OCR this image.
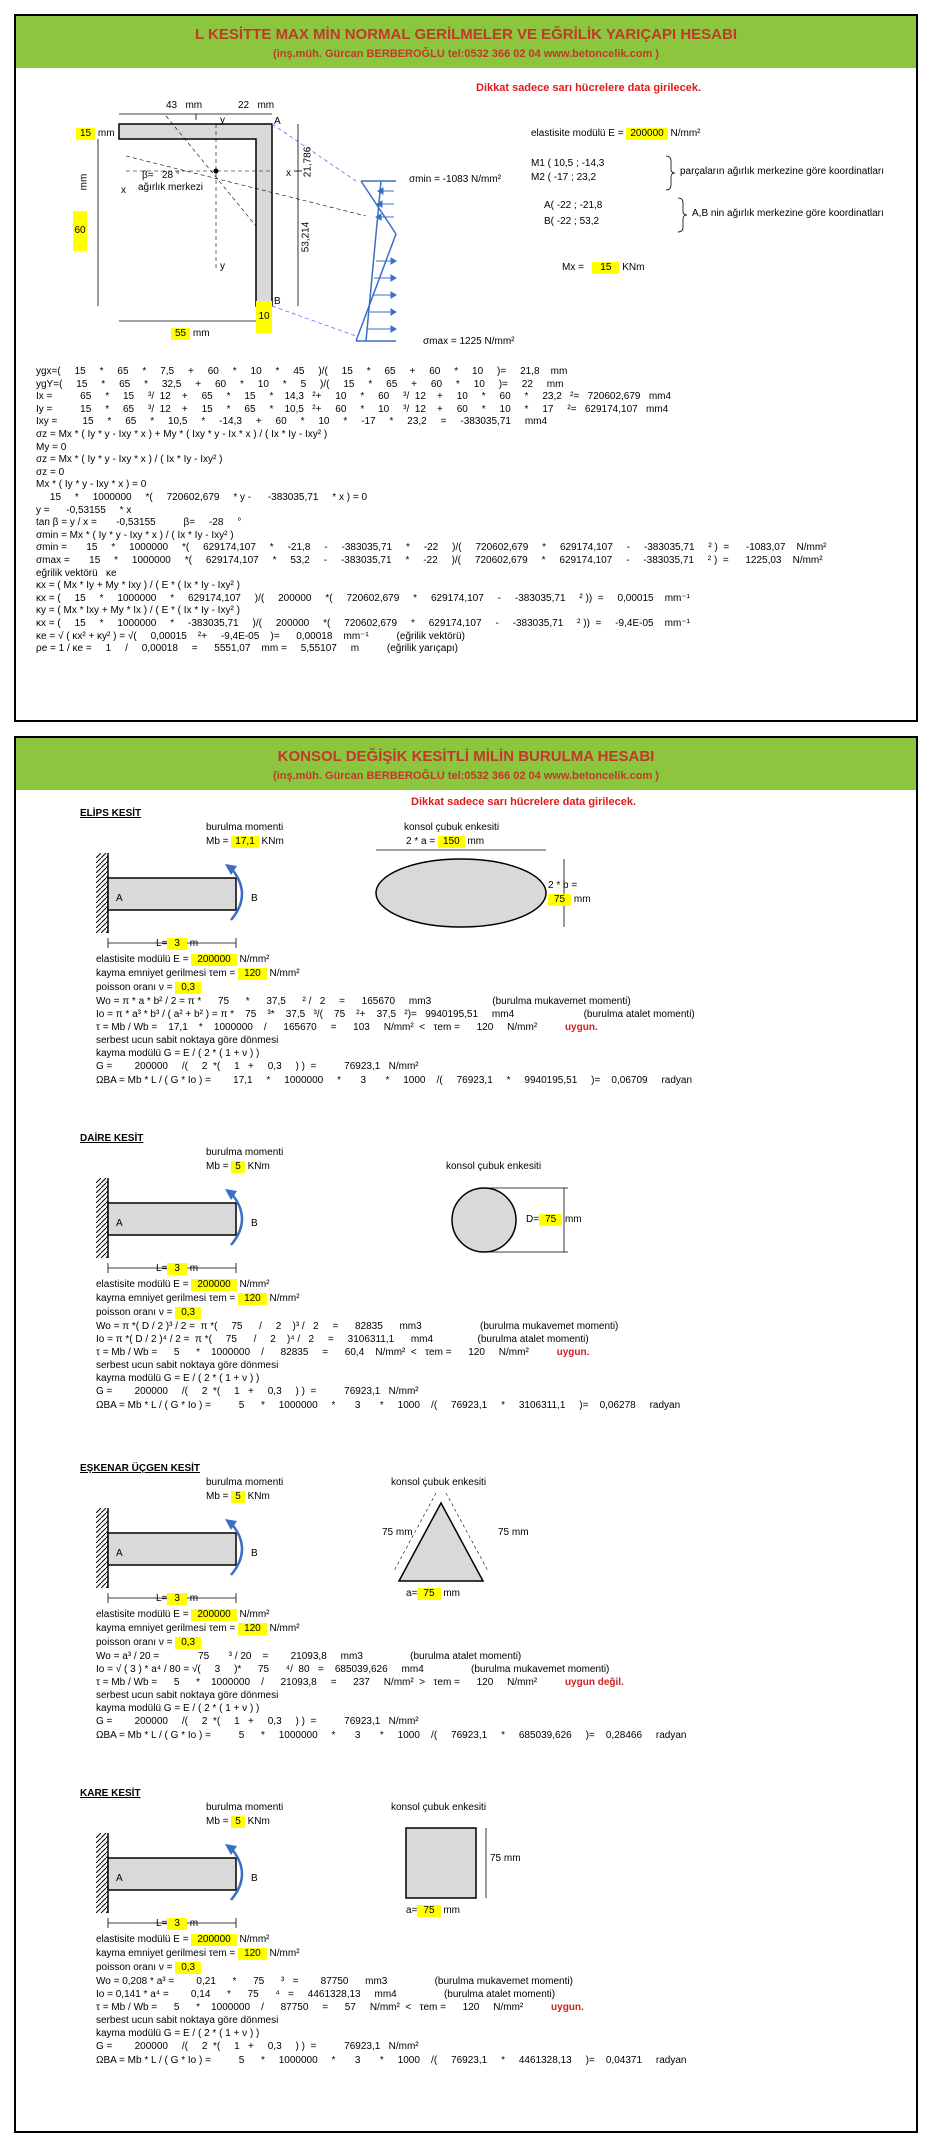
L KESİTTE MAX MİN NORMAL GERİLMELER VE EĞRİLİK YARIÇAPI HESABI
(inş.müh. Gürcan BERBEROĞLU tel:0532 366 02 04 www.betoncelik.com )
Dikkat sadece sarı hücrelere data girilecek.
43 mm	22 mm
15 mm
60
mm
10
55 mm
21,786
53,214
β= 28 °
ağırlık merkezi
x
x
y
y
A
B
σmin = -1083 N/mm²
σmax = 1225 N/mm²
elastisite modülü E = 200000 N/mm²
M1 ( 10,5 ; -14,3
M2 ( -17 ; 23,2
parçaların ağırlık merkezine göre koordinatları
A( -22 ; -21,8
B( -22 ; 53,2
A,B nin ağırlık merkezine göre koordinatları
Mx = 15 KNm
ygx=(     15     *     65     *     7,5     +     60     *     10     *     45     )/(     15     *     65     +     60     *     10     )=     21,8    mm
ygY=(     15     *     65     *     32,5     +     60     *     10     *     5     )/(     15     *     65     +     60     *     10     )=     22     mm
Ix =          65     *     15     ³/  12    +     65     *     15     *    14,3   ²+     10     *     60     ³/  12    +     10     *     60     *     23,2   ²=   720602,679   mm4
Iy =          15     *     65     ³/  12    +     15     *     65     *    10,5   ²+     60     *     10     ³/  12    +     60     *     10     *     17     ²=   629174,107   mm4
Ixy =         15     *     65     *     10,5     *     -14,3     +     60     *     10     *     -17     *     23,2     =     -383035,71     mm4
σz = Mx * ( Iy * y - Ixy * x ) + My * ( Ixy * y - Ix * x ) / ( Ix * Iy - Ixy² )
My = 0
σz = Mx * ( Iy * y - Ixy * x ) / ( Ix * Iy - Ixy² )
σz = 0
Mx * ( Iy * y - Ixy * x ) = 0
15     *     1000000     *(     720602,679     * y -      -383035,71     * x ) = 0
y =      -0,53155     * x
tan β = y / x =       -0,53155          β=     -28     °
σmin = Mx * ( Iy * y - Ixy * x ) / ( Ix * Iy - Ixy² )
σmin =       15     *     1000000     *(     629174,107     *     -21,8     -     -383035,71     *     -22     )/(     720602,679     *     629174,107     -     -383035,71     ² )  =      -1083,07    N/mm²
σmax =       15     *     1000000     *(     629174,107     *     53,2     -     -383035,71     *     -22     )/(     720602,679     *     629174,107     -     -383035,71     ² )  =      1225,03    N/mm²
eğrilik vektörü   κe
κx = ( Mx * Iy + My * Ixy ) / ( E * ( Ix * Iy - Ixy² )
κx = (     15     *     1000000     *     629174,107     )/(     200000     *(     720602,679     *     629174,107     -     -383035,71     ² ))  =     0,00015    mm⁻¹
κy = ( Mx * Ixy + My * Ix ) / ( E * ( Ix * Iy - Ixy² )
κx = (     15     *     1000000     *     -383035,71     )/(     200000     *(     720602,679     *     629174,107     -     -383035,71     ² ))  =     -9,4E-05    mm⁻¹
κe = √ ( κx² + κy² ) = √(     0,00015    ²+     -9,4E-05    )=      0,00018    mm⁻¹          (eğrilik vektörü)
ρe = 1 / κe =     1     /     0,00018     =      5551,07    mm =     5,55107     m          (eğrilik yarıçapı)
KONSOL DEĞİŞİK KESİTLİ MİLİN BURULMA HESABI
(inş.müh. Gürcan BERBEROĞLU tel:0532 366 02 04 www.betoncelik.com )
Dikkat sadece sarı hücrelere data girilecek.
ELİPS KESİT
burulma momenti
Mb = 17,1 KNm
A	B
L= 3 m
konsol çubuk enkesiti
2 * a = 150 mm
2 * b =
75 mm
elastisite modülü E = 200000 N/mm²
kayma emniyet gerilmesi τem = 120 N/mm²
poisson oranı ν = 0,3
Wo = π * a * b² / 2 = π *      75      *      37,5      ² /   2     =      165670     mm3                      (burulma mukavemet momenti)
Io = π * a³ * b³ / ( a² + b² ) = π *    75    ³*    37,5   ³/(    75    ²+    37,5   ²)=   9940195,51     mm4                         (burulma atalet momenti)
τ = Mb / Wb =    17,1    *    1000000    /      165670     =      103     N/mm²  <   τem =      120     N/mm²	uygun.
serbest ucun sabit noktaya göre dönmesi
kayma modülü G = E / ( 2 * ( 1 + ν ) )
G =        200000     /(     2  *(     1   +     0,3     ) )  =          76923,1   N/mm²
ΩBA = Mb * L / ( G * Io ) =        17,1     *     1000000     *       3       *     1000    /(     76923,1     *     9940195,51     )=    0,06709     radyan
DAİRE KESİT
burulma momenti
Mb = 5 KNm
A	B
L= 3 m
konsol çubuk enkesiti
D= 75 mm
elastisite modülü E = 200000 N/mm²
kayma emniyet gerilmesi τem = 120 N/mm²
poisson oranı ν = 0,3
Wo = π *( D / 2 )³ / 2 =  π *(     75      /     2    )³ /   2     =      82835      mm3                     (burulma mukavemet momenti)
Io = π *( D / 2 )⁴ / 2 =  π *(     75      /     2    )⁴ /   2     =     3106311,1      mm4                (burulma atalet momenti)
τ = Mb / Wb =      5      *    1000000    /      82835     =      60,4    N/mm²  <   τem =      120     N/mm²	uygun.
serbest ucun sabit noktaya göre dönmesi
kayma modülü G = E / ( 2 * ( 1 + ν ) )
G =        200000     /(     2  *(     1   +     0,3     ) )  =          76923,1   N/mm²
ΩBA = Mb * L / ( G * Io ) =          5      *     1000000     *       3       *     1000    /(     76923,1     *     3106311,1     )=    0,06278     radyan
EŞKENAR ÜÇGEN KESİT
burulma momenti
Mb = 5 KNm
A	B
L= 3 m
konsol çubuk enkesiti
75 mm	75 mm
a= 75 mm
elastisite modülü E = 200000 N/mm²
kayma emniyet gerilmesi τem = 120 N/mm²
poisson oranı ν = 0,3
Wo = a³ / 20 =              75       ³ / 20    =        21093,8     mm3                 (burulma atalet momenti)
Io = √ ( 3 ) * a⁴ / 80 = √(     3     )*      75      ⁴/  80   =    685039,626     mm4                 (burulma mukavemet momenti)
τ = Mb / Wb =      5      *    1000000    /      21093,8     =      237     N/mm²  >   τem =      120     N/mm²	uygun değil.
serbest ucun sabit noktaya göre dönmesi
kayma modülü G = E / ( 2 * ( 1 + ν ) )
G =        200000     /(     2  *(     1   +     0,3     ) )  =          76923,1   N/mm²
ΩBA = Mb * L / ( G * Io ) =          5      *     1000000     *       3       *     1000    /(     76923,1     *     685039,626     )=    0,28466     radyan
KARE KESİT
burulma momenti
Mb = 5 KNm
A	B
L= 3 m
konsol çubuk enkesiti
75 mm
a= 75 mm
elastisite modülü E = 200000 N/mm²
kayma emniyet gerilmesi τem = 120 N/mm²
poisson oranı ν = 0,3
Wo = 0,208 * a³ =        0,21      *      75      ³   =        87750      mm3                 (burulma mukavemet momenti)
Io = 0,141 * a⁴ =        0,14      *      75      ⁴   =     4461328,13     mm4                 (burulma atalet momenti)
τ = Mb / Wb =      5      *    1000000    /      87750     =      57     N/mm²  <   τem =      120     N/mm²	uygun.
serbest ucun sabit noktaya göre dönmesi
kayma modülü G = E / ( 2 * ( 1 + ν ) )
G =        200000     /(     2  *(     1   +     0,3     ) )  =          76923,1   N/mm²
ΩBA = Mb * L / ( G * Io ) =          5      *     1000000     *       3       *     1000    /(     76923,1     *     4461328,13     )=    0,04371     radyan
